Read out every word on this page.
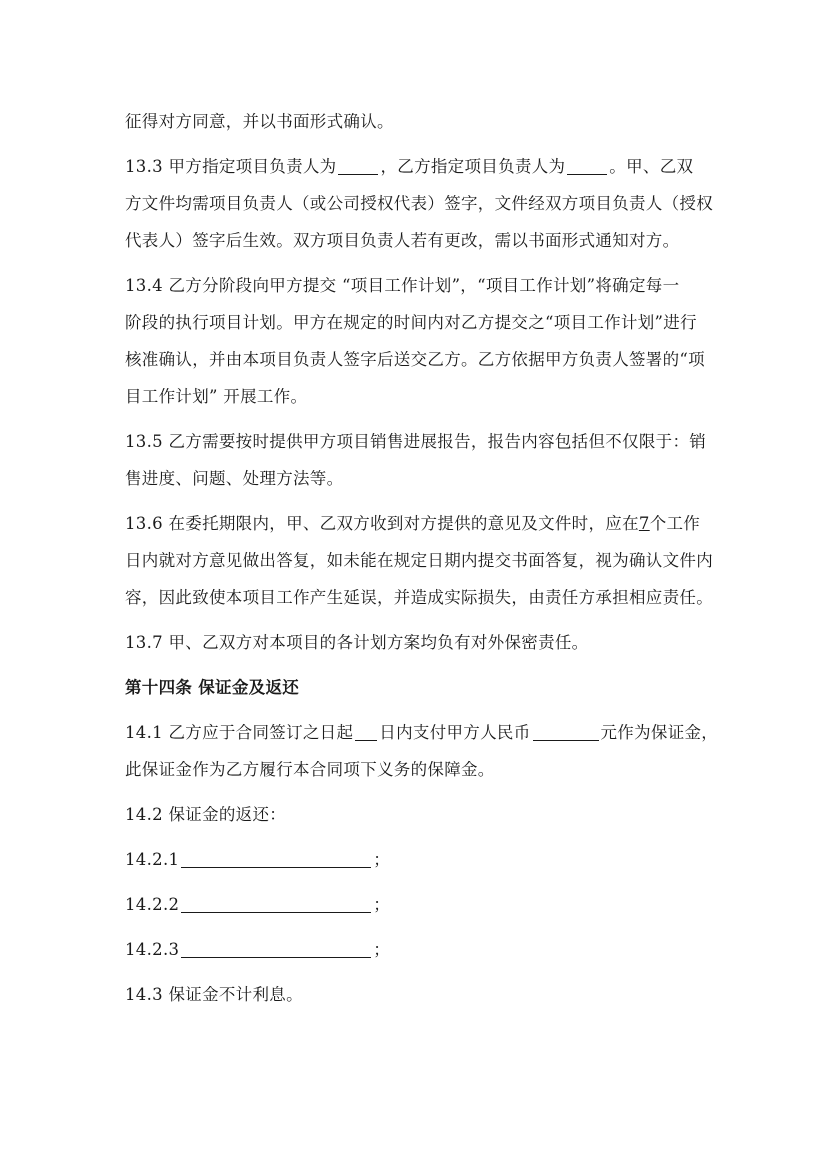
征得对方同意，并以书面形式确认。
13.3 甲方指定项目负责人为	，乙方指定项目负责人为	。甲、乙双
方文件均需项目负责人（或公司授权代表）签字，文件经双方项目负责人（授权
代表人）签字后生效。双方项目负责人若有更改，需以书面形式通知对方。
13.4 乙方分阶段向甲方提交 “项目工作计划”，“项目工作计划”将确定每一
阶段的执行项目计划。甲方在规定的时间内对乙方提交之“项目工作计划”进行
核准确认，并由本项目负责人签字后送交乙方。乙方依据甲方负责人签署的“项
目工作计划” 开展工作。
13.5 乙方需要按时提供甲方项目销售进展报告，报告内容包括但不仅限于：销
售进度、问题、处理方法等。
13.6 在委托期限内，甲、乙双方收到对方提供的意见及文件时，应在7个工作
日内就对方意见做出答复，如未能在规定日期内提交书面答复，视为确认文件内
容，因此致使本项目工作产生延误，并造成实际损失，由责任方承担相应责任。
13.7 甲、乙双方对本项目的各计划方案均负有对外保密责任。
第十四条 保证金及返还
14.1 乙方应于合同签订之日起 日内支付甲方人民币	元作为保证金，
此保证金作为乙方履行本合同项下义务的保障金。
14.2 保证金的返还：
14.2.1	；
14.2.2	；
14.2.3	；
14.3 保证金不计利息。
